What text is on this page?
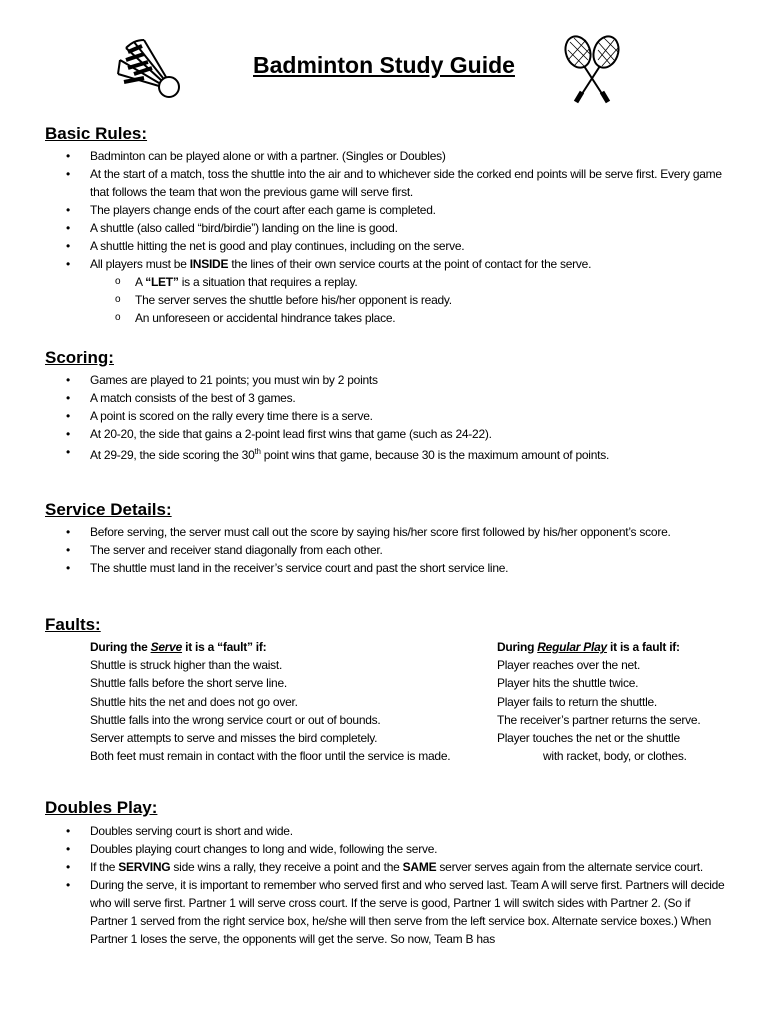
Badminton Study Guide
Basic Rules:
• Badminton can be played alone or with a partner. (Singles or Doubles)
• At the start of a match, toss the shuttle into the air and to whichever side the corked end points will be serve first. Every game that follows the team that won the previous game will serve first.
• The players change ends of the court after each game is completed.
• A shuttle (also called “bird/birdie”) landing on the line is good.
• A shuttle hitting the net is good and play continues, including on the serve.
• All players must be INSIDE the lines of their own service courts at the point of contact for the serve.
o A “LET” is a situation that requires a replay.
o The server serves the shuttle before his/her opponent is ready.
o An unforeseen or accidental hindrance takes place.
Scoring:
• Games are played to 21 points; you must win by 2 points
• A match consists of the best of 3 games.
• A point is scored on the rally every time there is a serve.
• At 20-20, the side that gains a 2-point lead first wins that game (such as 24-22).
• At 29-29, the side scoring the 30th point wins that game, because 30 is the maximum amount of points.
Service Details:
• Before serving, the server must call out the score by saying his/her score first followed by his/her opponent’s score.
• The server and receiver stand diagonally from each other.
• The shuttle must land in the receiver’s service court and past the short service line.
Faults:
During the Serve it is a “fault” if:
Shuttle is struck higher than the waist.
Shuttle falls before the short serve line.
Shuttle hits the net and does not go over.
Shuttle falls into the wrong service court or out of bounds.
Server attempts to serve and misses the bird completely.
Both feet must remain in contact with the floor until the service is made.
During Regular Play it is a fault if:
Player reaches over the net.
Player hits the shuttle twice.
Player fails to return the shuttle.
The receiver’s partner returns the serve.
Player touches the net or the shuttle
with racket, body, or clothes.
Doubles Play:
• Doubles serving court is short and wide.
• Doubles playing court changes to long and wide, following the serve.
• If the SERVING side wins a rally, they receive a point and the SAME server serves again from the alternate service court.
• During the serve, it is important to remember who served first and who served last. Team A will serve first. Partners will decide who will serve first. Partner 1 will serve cross court. If the serve is good, Partner 1 will switch sides with Partner 2. (So if Partner 1 served from the right service box, he/she will then serve from the left service box. Alternate service boxes.) When Partner 1 loses the serve, the opponents will get the serve. So now, Team B has
